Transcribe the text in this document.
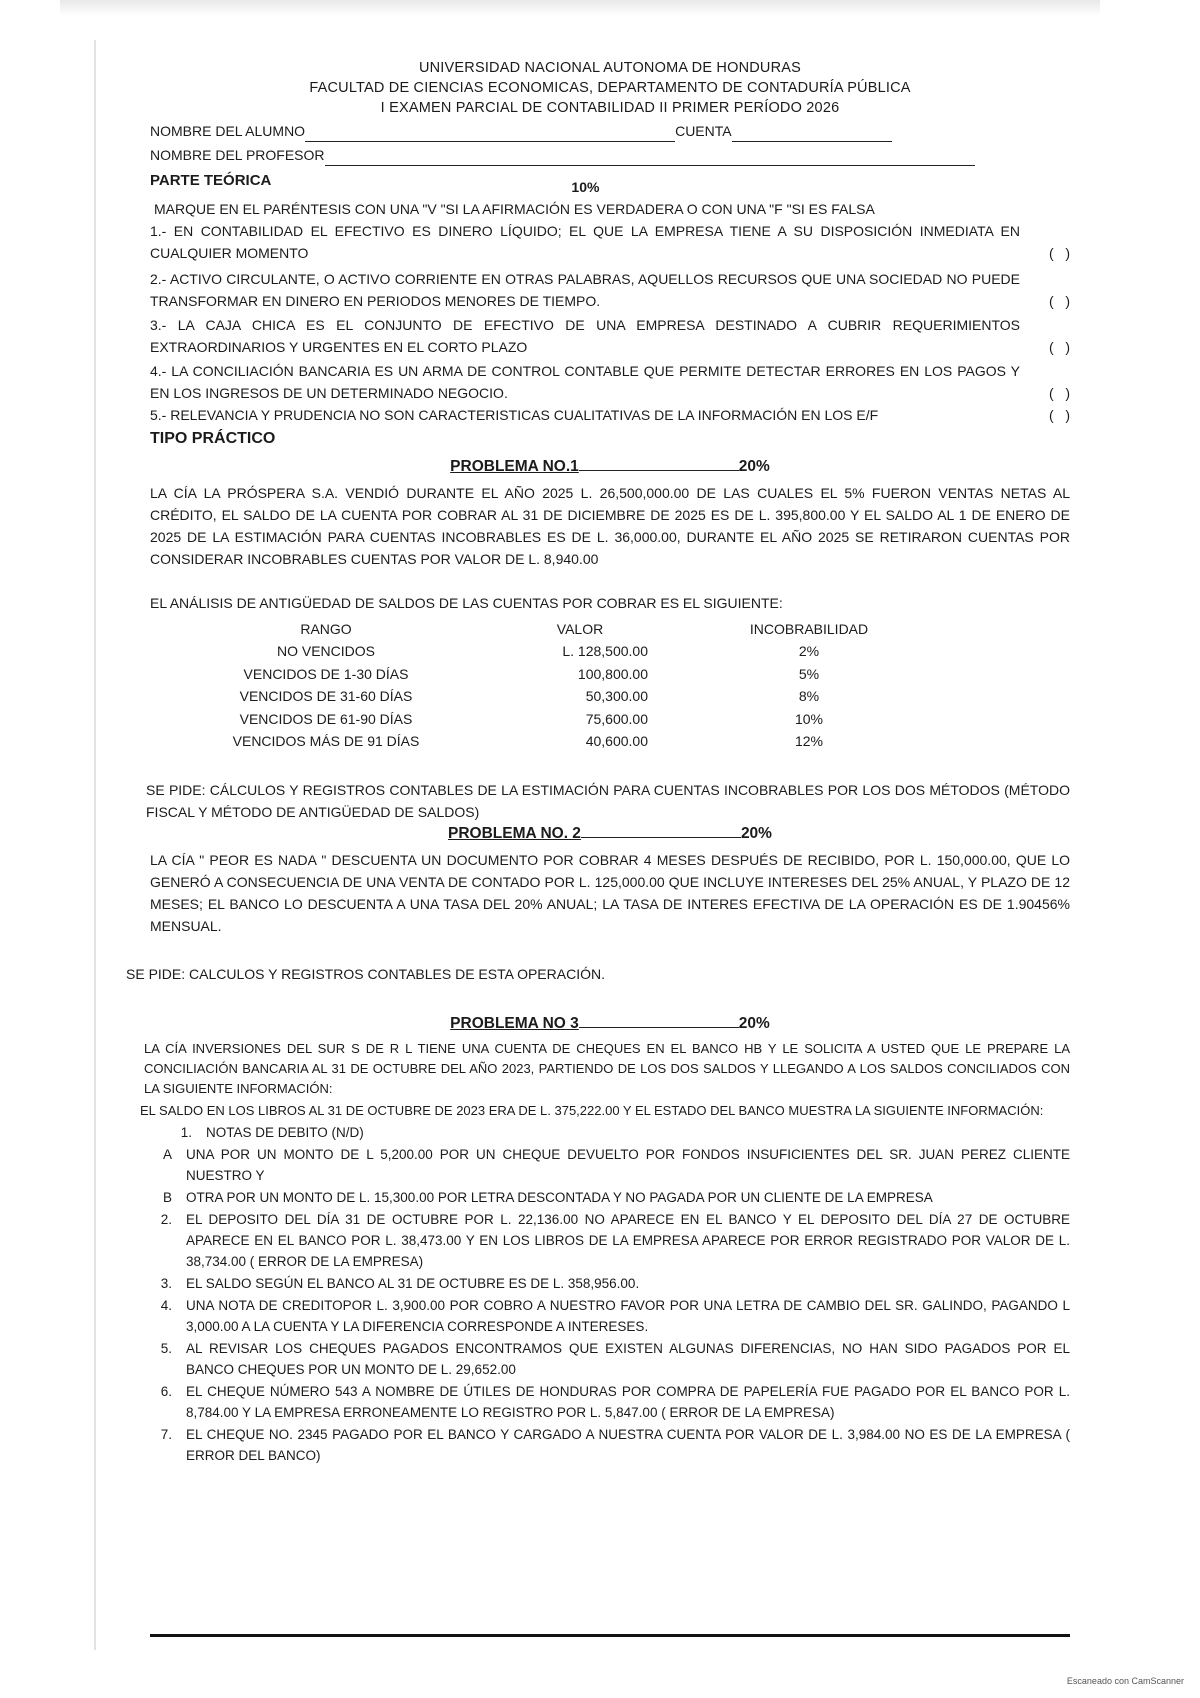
UNIVERSIDAD NACIONAL AUTONOMA DE HONDURAS
FACULTAD DE CIENCIAS ECONOMICAS, DEPARTAMENTO DE CONTADURÍA PÚBLICA
I EXAMEN PARCIAL DE CONTABILIDAD II PRIMER PERÍODO 2026
NOMBRE DEL ALUMNO	CUENTA
NOMBRE DEL PROFESOR
PARTE TEÓRICA	10%
MARQUE EN EL PARÉNTESIS CON UNA "V "SI LA AFIRMACIÓN ES VERDADERA O CON UNA "F "SI ES FALSA
1.- EN CONTABILIDAD EL EFECTIVO ES DINERO LÍQUIDO; EL QUE LA EMPRESA TIENE A SU DISPOSICIÓN INMEDIATA EN CUALQUIER MOMENTO	(   )
2.- ACTIVO CIRCULANTE, O ACTIVO CORRIENTE EN OTRAS PALABRAS, AQUELLOS RECURSOS QUE UNA SOCIEDAD NO PUEDE TRANSFORMAR EN DINERO EN PERIODOS MENORES DE TIEMPO.	(   )
3.- LA CAJA CHICA ES EL CONJUNTO DE EFECTIVO DE UNA EMPRESA DESTINADO A CUBRIR REQUERIMIENTOS EXTRAORDINARIOS Y URGENTES EN EL CORTO PLAZO	(   )
4.- LA CONCILIACIÓN BANCARIA ES UN ARMA DE CONTROL CONTABLE QUE PERMITE DETECTAR ERRORES EN LOS PAGOS Y EN LOS INGRESOS DE UN DETERMINADO NEGOCIO.	(   )
5.- RELEVANCIA Y PRUDENCIA NO SON CARACTERISTICAS CUALITATIVAS DE LA INFORMACIÓN EN LOS E/F	(   )
TIPO PRÁCTICO
PROBLEMA NO.1	20%
LA CÍA LA PRÓSPERA S.A. VENDIÓ DURANTE EL AÑO 2025 L. 26,500,000.00 DE LAS CUALES EL 5% FUERON VENTAS NETAS AL CRÉDITO, EL SALDO DE LA CUENTA POR COBRAR AL 31 DE DICIEMBRE DE 2025 ES DE L. 395,800.00 Y EL SALDO AL 1 DE ENERO DE 2025 DE LA ESTIMACIÓN PARA CUENTAS INCOBRABLES ES DE L. 36,000.00, DURANTE EL AÑO 2025 SE RETIRARON CUENTAS POR CONSIDERAR INCOBRABLES CUENTAS POR VALOR DE L. 8,940.00
EL ANÁLISIS DE ANTIGÜEDAD DE SALDOS DE LAS CUENTAS POR COBRAR ES EL SIGUIENTE:
RANGO	VALOR	INCOBRABILIDAD
NO VENCIDOS	L. 128,500.00	2%
VENCIDOS DE 1-30 DÍAS	100,800.00	5%
VENCIDOS DE 31-60 DÍAS	50,300.00	8%
VENCIDOS DE 61-90 DÍAS	75,600.00	10%
VENCIDOS MÁS DE 91 DÍAS	40,600.00	12%
SE PIDE: CÁLCULOS Y REGISTROS CONTABLES DE LA ESTIMACIÓN PARA CUENTAS INCOBRABLES POR LOS DOS MÉTODOS (MÉTODO FISCAL Y MÉTODO DE ANTIGÜEDAD DE SALDOS)
PROBLEMA NO. 2	20%
LA CÍA " PEOR ES NADA " DESCUENTA UN DOCUMENTO POR COBRAR 4 MESES DESPUÉS DE RECIBIDO, POR L. 150,000.00, QUE LO GENERÓ A CONSECUENCIA DE UNA VENTA DE CONTADO POR L. 125,000.00 QUE INCLUYE INTERESES DEL 25% ANUAL, Y PLAZO DE 12 MESES; EL BANCO LO DESCUENTA A UNA TASA DEL 20% ANUAL; LA TASA DE INTERES EFECTIVA DE LA OPERACIÓN ES DE 1.90456% MENSUAL.
SE PIDE: CALCULOS Y REGISTROS CONTABLES DE ESTA OPERACIÓN.
PROBLEMA NO 3	20%
LA CÍA INVERSIONES DEL SUR S DE R L TIENE UNA CUENTA DE CHEQUES EN EL BANCO HB Y LE SOLICITA A USTED QUE LE PREPARE LA CONCILIACIÓN BANCARIA AL 31 DE OCTUBRE DEL AÑO 2023, PARTIENDO DE LOS DOS SALDOS Y LLEGANDO A LOS SALDOS CONCILIADOS CON LA SIGUIENTE INFORMACIÓN:
EL SALDO EN LOS LIBROS AL 31 DE OCTUBRE DE 2023 ERA DE L. 375,222.00 Y EL ESTADO DEL BANCO MUESTRA LA SIGUIENTE INFORMACIÓN:
1.	NOTAS DE DEBITO (N/D)
A	UNA POR UN MONTO DE L 5,200.00 POR UN CHEQUE DEVUELTO POR FONDOS INSUFICIENTES DEL SR. JUAN PEREZ CLIENTE NUESTRO Y
B	OTRA POR UN MONTO DE L. 15,300.00 POR LETRA DESCONTADA Y NO PAGADA POR UN CLIENTE DE LA EMPRESA
2.	EL DEPOSITO DEL DÍA 31 DE OCTUBRE POR L. 22,136.00 NO APARECE EN EL BANCO Y EL DEPOSITO DEL DÍA 27 DE OCTUBRE APARECE EN EL BANCO POR L. 38,473.00 Y EN LOS LIBROS DE LA EMPRESA APARECE POR ERROR REGISTRADO POR VALOR DE L. 38,734.00 ( ERROR DE LA EMPRESA)
3.	EL SALDO SEGÚN EL BANCO AL 31 DE OCTUBRE ES DE L. 358,956.00.
4.	UNA NOTA DE CREDITOPOR L. 3,900.00 POR COBRO A NUESTRO FAVOR POR UNA LETRA DE CAMBIO DEL SR. GALINDO, PAGANDO L 3,000.00 A LA CUENTA Y LA DIFERENCIA CORRESPONDE A INTERESES.
5.	AL REVISAR LOS CHEQUES PAGADOS ENCONTRAMOS QUE EXISTEN ALGUNAS DIFERENCIAS, NO HAN SIDO PAGADOS POR EL BANCO CHEQUES POR UN MONTO DE L. 29,652.00
6.	EL CHEQUE NÚMERO 543 A NOMBRE DE ÚTILES DE HONDURAS POR COMPRA DE PAPELERÍA FUE PAGADO POR EL BANCO POR L. 8,784.00 Y LA EMPRESA ERRONEAMENTE LO REGISTRO POR L. 5,847.00 ( ERROR DE LA EMPRESA)
7.	EL CHEQUE NO. 2345 PAGADO POR EL BANCO Y CARGADO A NUESTRA CUENTA POR VALOR DE L. 3,984.00 NO ES DE LA EMPRESA ( ERROR DEL BANCO)
Escaneado con CamScanner
